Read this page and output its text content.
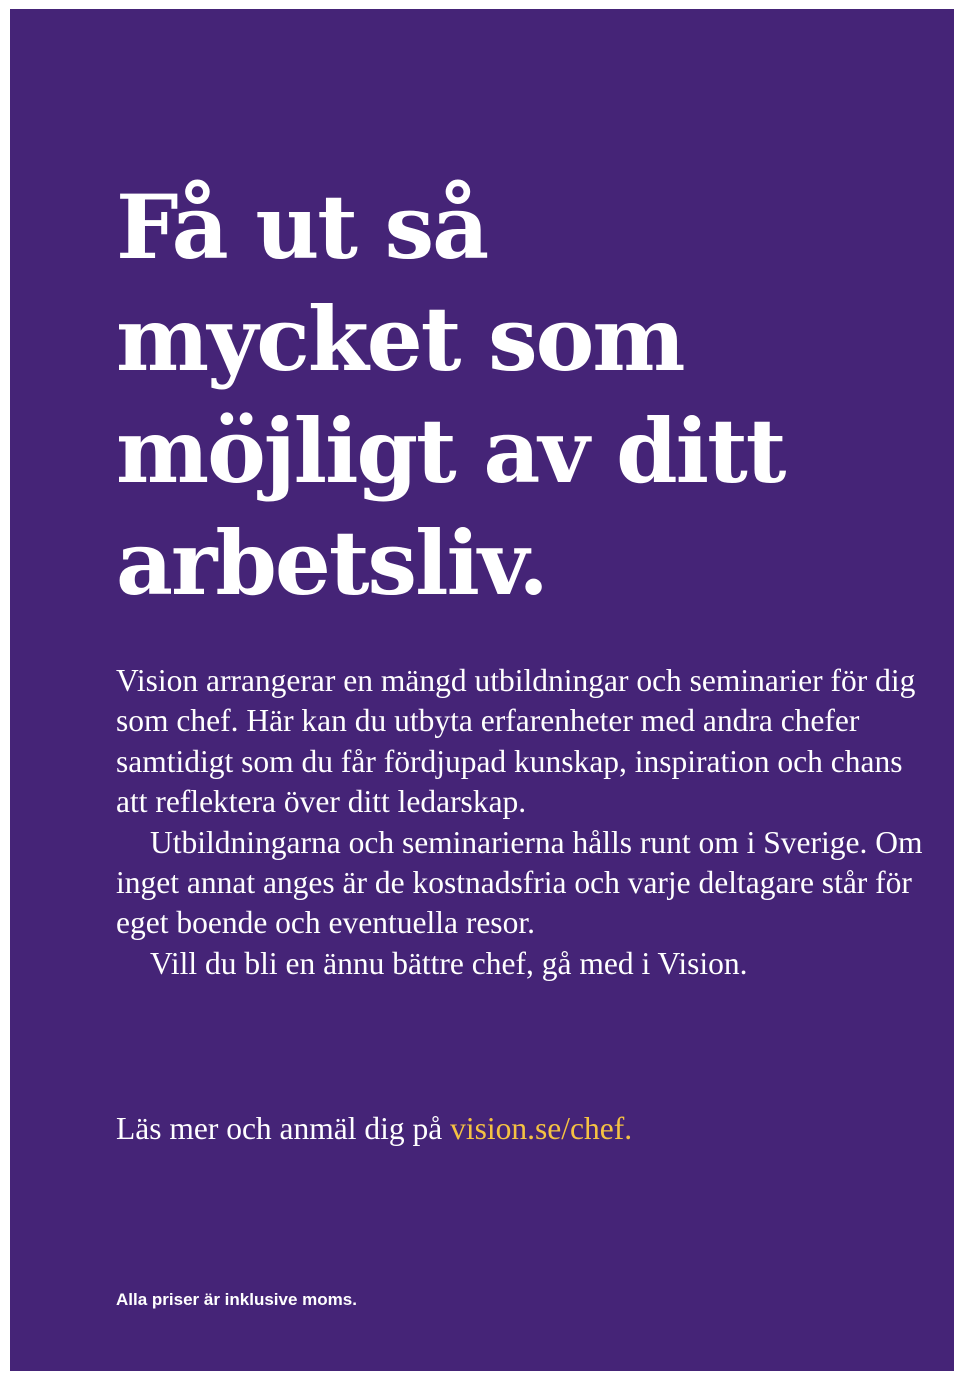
Få ut så
mycket som
möjligt av ditt
arbetsliv.

Vision arrangerar en mängd utbildningar och seminarier för dig som chef. Här kan du utbyta erfarenheter med andra chefer samtidigt som du får fördjupad kunskap, inspiration och chans att reflektera över ditt ledarskap.

Utbildningarna och seminarierna hålls runt om i Sverige. Om inget annat anges är de kostnadsfria och varje deltagare står för eget boende och eventuella resor.

Vill du bli en ännu bättre chef, gå med i Vision.

Läs mer och anmäl dig på vision.se/chef.

Alla priser är inklusive moms.
